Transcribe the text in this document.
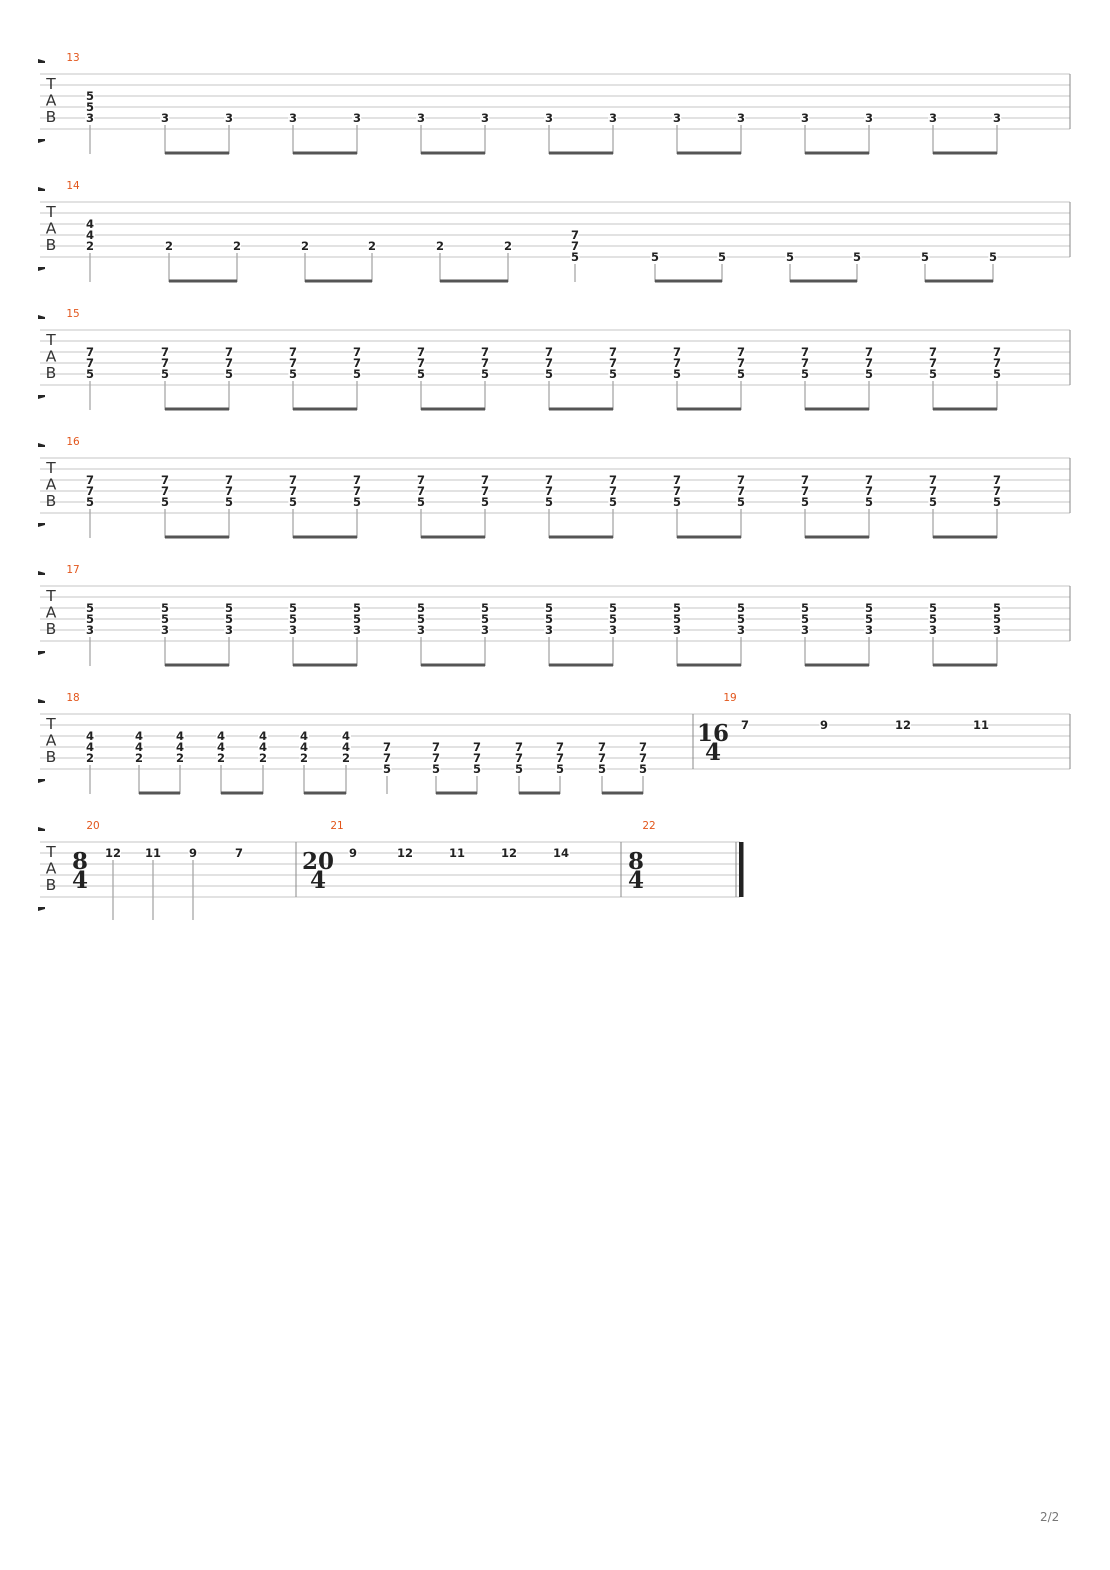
T
A
B
13
5
5
3	3	3	3	3	3	3	3	3	3	3	3	3	3	3
T
A
B
14
4
4
2	2	2	2	2	2	2
7
7
5	5	5	5	5	5	5
T
A
B
15
7
7
5
7
7
5
7
7
5
7
7
5
7
7
5
7
7
5
7
7
5
7
7
5
7
7
5
7
7
5
7
7
5
7
7
5
7
7
5
7
7
5
7
7
5
T
A
B
16
7
7
5
7
7
5
7
7
5
7
7
5
7
7
5
7
7
5
7
7
5
7
7
5
7
7
5
7
7
5
7
7
5
7
7
5
7
7
5
7
7
5
7
7
5
T
A
B
17
5
5
3
5
5
3
5
5
3
5
5
3
5
5
3
5
5
3
5
5
3
5
5
3
5
5
3
5
5
3
5
5
3
5
5
3
5
5
3
5
5
3
5
5
3
T
A
B
18
4
4
2
4
4
2
4
4
2
4
4
2
4
4
2
4
4
2
4
4
2
7
7
5
7
7
5
7
7
5
7
7
5
7
7
5
7
7
5
7
7
5
19
16
4
7	9	12	11
T
A
B
20
8
4
12 11 9	7
21
20
4
9	12	11	12	14
22
8
4
2/2
